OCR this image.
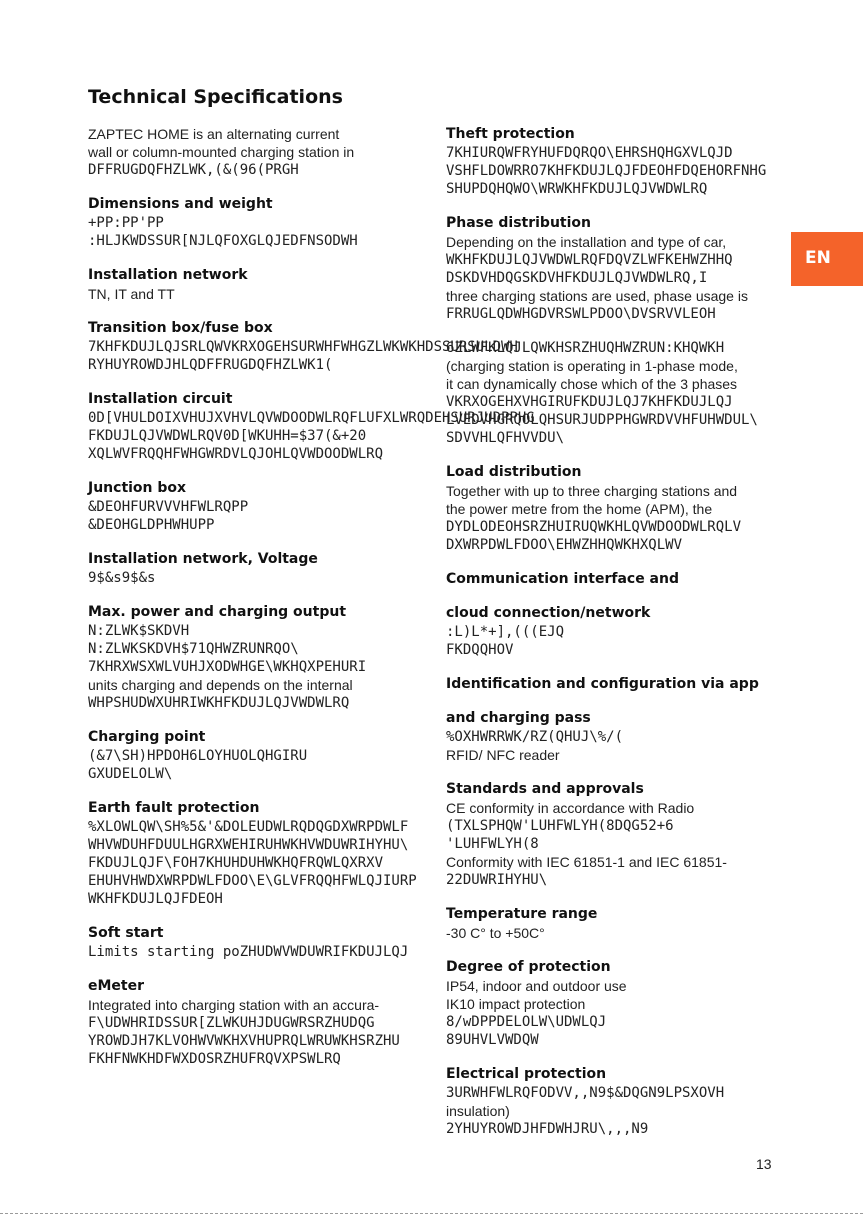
Technical Specifications
EN
ZAPTEC HOME is an alternating current
wall or column-mounted charging station in
DFFRUGDQFHZLWK,(&(96(PRGH
Dimensions and weight
+PP:PP'PP
:HLJKWDSSUR[NJLQFOXGLQJEDFNSODWH
Installation network
TN, IT and TT
Transition box/fuse box
7KHFKDUJLQJSRLQWVKRXOGEHSURWHFWHGZLWKWKHDSSURSULDWH
RYHUYROWDJHLQDFFRUGDQFHZLWK1(
Installation circuit
0D[VHULDOIXVHUJXVHVLQVWDOODWLRQFLUFXLWRQDEHSURJUDPPHG
FKDUJLQJVWDWLRQV0D[WKUHH=$37(&+20
XQLWVFRQQHFWHGWRDVLQJOHLQVWDOODWLRQ
Junction box
&DEOHFURVVVHFWLRQPP
&DEOHGLDPHWHUPP
Installation network, Voltage
9$&s9$&s
Max. power and charging output
N:ZLWK$SKDVH
N:ZLWKSKDVH$71QHWZRUNRQO\
7KHRXWSXWLVUHJXODWHGE\WKHQXPEHURI
units charging and depends on the internal
WHPSHUDWXUHRIWKHFKDUJLQJVWDWLRQ
Charging point
(&7\SH)HPDOH6LOYHUOLQHGIRU
GXUDELOLW\
Earth fault protection
%XLOWLQW\SH%5&'&DOLEUDWLRQDQGDXWRPDWLF
WHVWDUHFDUULHGRXWEHIRUHWKHVWDUWRIHYHU\
FKDUJLQJF\FOH7KHUHDUHWKHQFRQWLQXRXV
EHUHVHWDXWRPDWLFDOO\E\GLVFRQQHFWLQJIURP
WKHFKDUJLQJFDEOH
Soft start
Limits starting poZHUDWVWDUWRIFKDUJLQJ
eMeter
Integrated into charging station with an accura-
F\UDWHRIDSSUR[ZLWKUHJDUGWRSRZHUDQG
YROWDJH7KLVOHWVWKHXVHUPRQLWRUWKHSRZHU
FKHFNWKHDFWXDOSRZHUFRQVXPSWLRQ
Theft protection
7KHIURQWFRYHUFDQRQO\EHRSHQHGXVLQJD
VSHFLDOWRRO7KHFKDUJLQJFDEOHFDQEHORFNHG
SHUPDQHQWO\WRWKHFKDUJLQJVWDWLRQ
Phase distribution
Depending on the installation and type of car,
WKHFKDUJLQJVWDWLRQFDQVZLWFKEHWZHHQ
DSKDVHDQGSKDVHFKDUJLQJVWDWLRQ,I
three charging stations are used, phase usage is
FRRUGLQDWHGDVRSWLPDOO\DVSRVVLEOH
6ZLWFKLQJLQWKHSRZHUQHWZRUN:KHQWKH
(charging station is operating in 1-phase mode,
it can dynamically chose which of the 3 phases
VKRXOGEHXVHGIRUFKDUJLQJ7KHFKDUJLQJ
LVEDVHGRQOLQHSURJUDPPHGWRDVVHFUHWDUL\
SDVVHLQFHVVDU\
Load distribution
Together with up to three charging stations and
the power metre from the home (APM), the
DYDLODEOHSRZHUIRUQWKHLQVWDOODWLRQLV
DXWRPDWLFDOO\EHWZHHQWKHXQLWV
Communication interface and
cloud connection/network
:L)L*+],(((EJQ
FKDQQHOV
Identification and configuration via app
and charging pass
%OXHWRRWK/RZ(QHUJ\%/(
RFID/ NFC reader
Standards and approvals
CE conformity in accordance with Radio
(TXLSPHQW'LUHFWLYH(8DQG52+6
'LUHFWLYH(8
Conformity with IEC 61851-1 and IEC 61851-
22DUWRIHYHU\
Temperature range
-30 C° to +50C°
Degree of protection
IP54, indoor and outdoor use
IK10 impact protection
8/wDPPDELOLW\UDWLQJ
89UHVLVWDQW
Electrical protection
3URWHFWLRQFODVV,,N9$&DQGN9LPSXOVH
insulation)
2YHUYROWDJHFDWHJRU\,,,N9
13
